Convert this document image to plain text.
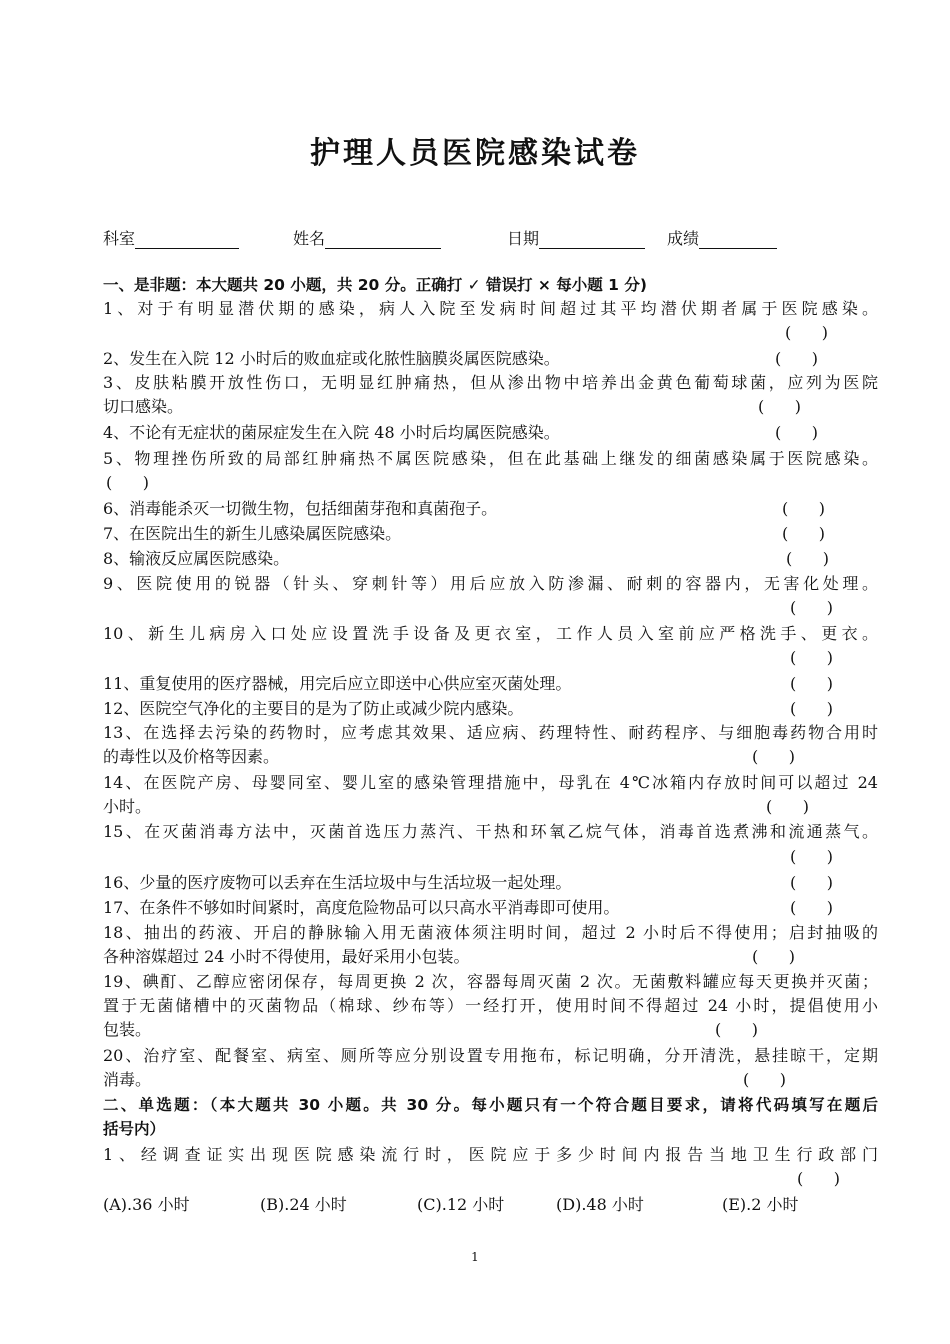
护理人员医院感染试卷
科室	姓名	日期	成绩
一、是非题：本大题共 20 小题，共 20 分。正确打 ✓ 错误打 × 每小题 1 分)
1、对于有明显潜伏期的感染，病人入院至发病时间超过其平均潜伏期者属于医院感染。
(      )
2、发生在入院 12 小时后的败血症或化脓性脑膜炎属医院感染。	(      )
3、皮肤粘膜开放性伤口，无明显红肿痛热，但从渗出物中培养出金黄色葡萄球菌，应列为医院
切口感染。	(      )
4、不论有无症状的菌尿症发生在入院 48 小时后均属医院感染。	(      )
5、物理挫伤所致的局部红肿痛热不属医院感染，但在此基础上继发的细菌感染属于医院感染。
(      )
6、消毒能杀灭一切微生物，包括细菌芽孢和真菌孢子。	(      )
7、在医院出生的新生儿感染属医院感染。	(      )
8、输液反应属医院感染。	(      )
9、医院使用的锐器（针头、穿刺针等）用后应放入防渗漏、耐刺的容器内，无害化处理。
(      )
10、新生儿病房入口处应设置洗手设备及更衣室，工作人员入室前应严格洗手、更衣。
(      )
11、重复使用的医疗器械，用完后应立即送中心供应室灭菌处理。	(      )
12、医院空气净化的主要目的是为了防止或减少院内感染。	(      )
13、在选择去污染的药物时，应考虑其效果、适应病、药理特性、耐药程序、与细胞毒药物合用时
的毒性以及价格等因素。	(      )
14、在医院产房、母婴同室、婴儿室的感染管理措施中，母乳在 4℃冰箱内存放时间可以超过 24
小时。	(      )
15、在灭菌消毒方法中，灭菌首选压力蒸汽、干热和环氧乙烷气体，消毒首选煮沸和流通蒸气。
(      )
16、少量的医疗废物可以丢弃在生活垃圾中与生活垃圾一起处理。	(      )
17、在条件不够如时间紧时，高度危险物品可以只高水平消毒即可使用。	(      )
18、抽出的药液、开启的静脉输入用无菌液体须注明时间，超过 2 小时后不得使用；启封抽吸的
各种溶媒超过 24 小时不得使用，最好采用小包装。	(      )
19、碘酊、乙醇应密闭保存，每周更换 2 次，容器每周灭菌 2 次。无菌敷料罐应每天更换并灭菌；
置于无菌储槽中的灭菌物品（棉球、纱布等）一经打开，使用时间不得超过 24 小时，提倡使用小
包装。	(      )
20、治疗室、配餐室、病室、厕所等应分别设置专用拖布，标记明确，分开清洗，悬挂晾干，定期
消毒。	(      )
二、单选题：（本大题共 30 小题。共 30 分。每小题只有一个符合题目要求，请将代码填写在题后
括号内）
1、经调查证实出现医院感染流行时，医院应于多少时间内报告当地卫生行政部门
(      )
(A).36 小时	(B).24 小时	(C).12 小时	(D).48 小时	(E).2 小时
1
